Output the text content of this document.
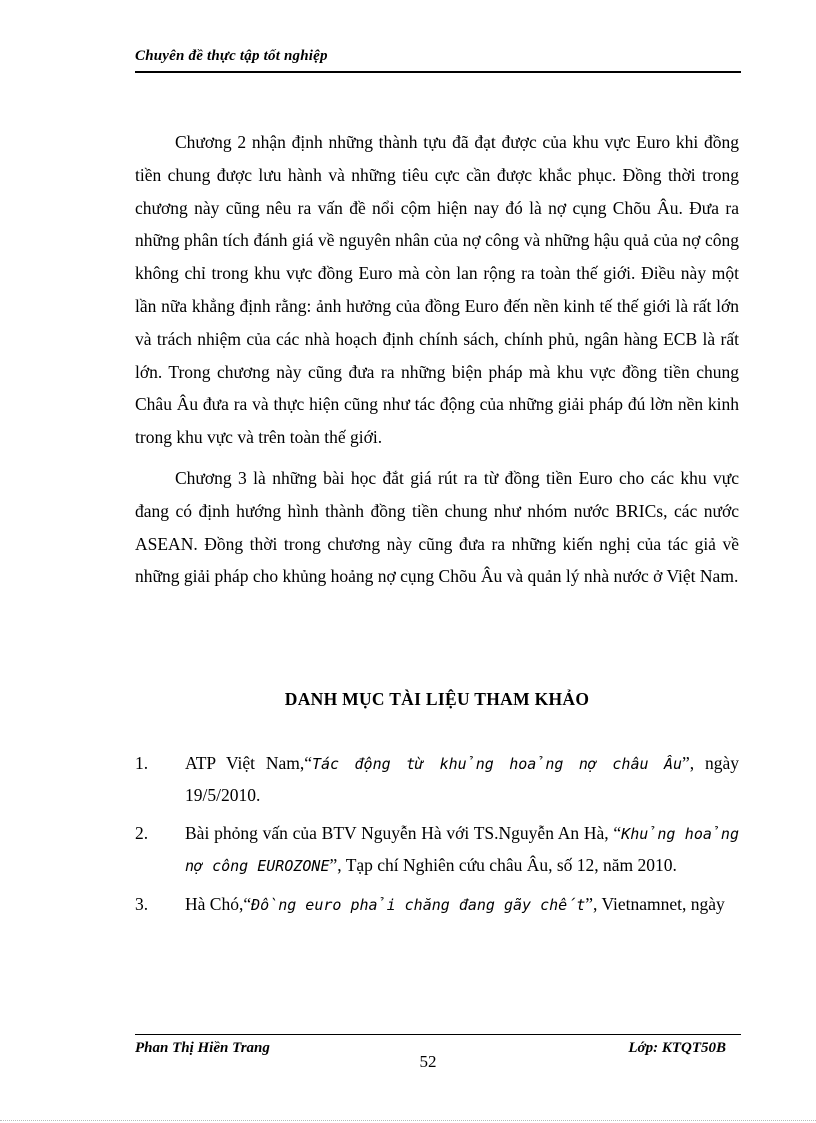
Chuyên đề thực tập tốt nghiệp

Chương 2 nhận định những thành tựu đã đạt được của khu vực Euro khi đồng tiền chung được lưu hành và những tiêu cực cần được khắc phục. Đồng thời trong chương này cũng nêu ra vấn đề nổi cộm hiện nay đó là nợ cụng Chõu Âu. Đưa ra những phân tích đánh giá về nguyên nhân của nợ công và những hậu quả của nợ công không chỉ trong khu vực đồng Euro mà còn lan rộng ra toàn thế giới. Điều này một lần nữa khẳng định rằng: ảnh hưởng của đồng Euro đến nền kinh tế thế giới là rất lớn và trách nhiệm của các nhà hoạch định chính sách, chính phủ, ngân hàng ECB là rất lớn. Trong chương này cũng đưa ra những biện pháp mà khu vực đồng tiền chung Châu Âu đưa ra và thực hiện cũng như tác động của những giải pháp đú lờn nền kinh trong khu vực và trên toàn thế giới.

Chương 3 là những bài học đắt giá rút ra từ đồng tiền Euro cho các khu vực đang có định hướng hình thành đồng tiền chung như nhóm nước BRICs, các nước ASEAN. Đồng thời trong chương này cũng đưa ra những kiến nghị của tác giả về những giải pháp cho khủng hoảng nợ cụng Chõu Âu và quản lý nhà nước ở Việt Nam.

DANH MỤC TÀI LIỆU THAM KHẢO
1. ATP Việt Nam,“Tác động từ khủng hoảng nợ châu Âu”, ngày 19/5/2010.
2. Bài phỏng vấn của BTV Nguyễn Hà với TS.Nguyễn An Hà, “Khủng hoảng nợ công EUROZONE”, Tạp chí Nghiên cứu châu Âu, số 12, năm 2010.
3. Hà Chó,“Đồng euro phải chăng đang gãy chết”, Vietnamnet, ngày
Phan Thị Hiền Trang	Lớp: KTQT50B
52
